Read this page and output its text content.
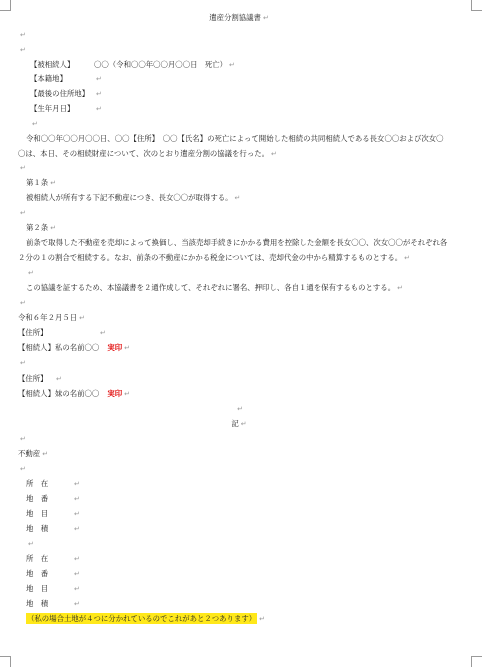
遺産分割協議書 ↵
↵
↵
【被相続人】	〇〇（令和〇〇年〇〇月〇〇日　死亡） ↵
【本籍地】	↵
【最後の住所地】 ↵
【生年月日】	↵
↵
令和〇〇年〇〇月〇〇日、〇〇【住所】　〇〇【氏名】の死亡によって開始した相続の共同相続人である長女〇〇および次女〇
〇は、本日、その相続財産について、次のとおり遺産分割の協議を行った。 ↵
↵
第１条 ↵
被相続人が所有する下記不動産につき、長女〇〇が取得する。 ↵
↵
第２条 ↵
前条で取得した不動産を売却によって換価し、当該売却手続きにかかる費用を控除した金額を長女〇〇、次女〇〇がそれぞれ各
２分の１の割合で相続する。なお、前条の不動産にかかる税金については、売却代金の中から精算するものとする。 ↵
↵
この協議を証するため、本協議書を２通作成して、それぞれに署名、押印し、各自１通を保有するものとする。 ↵
↵
令和６年２月５日 ↵
【住所】	↵
【相続人】私の名前〇〇 実印 ↵
↵
【住所】 ↵
【相続人】妹の名前〇〇 実印 ↵
↵
記 ↵
↵
不動産 ↵
↵
所　在	↵
地　番	↵
地　目	↵
地　積	↵
↵
所　在	↵
地　番	↵
地　目	↵
地　積	↵
（私の場合土地が４つに分かれているのでこれがあと２つあります） ↵
